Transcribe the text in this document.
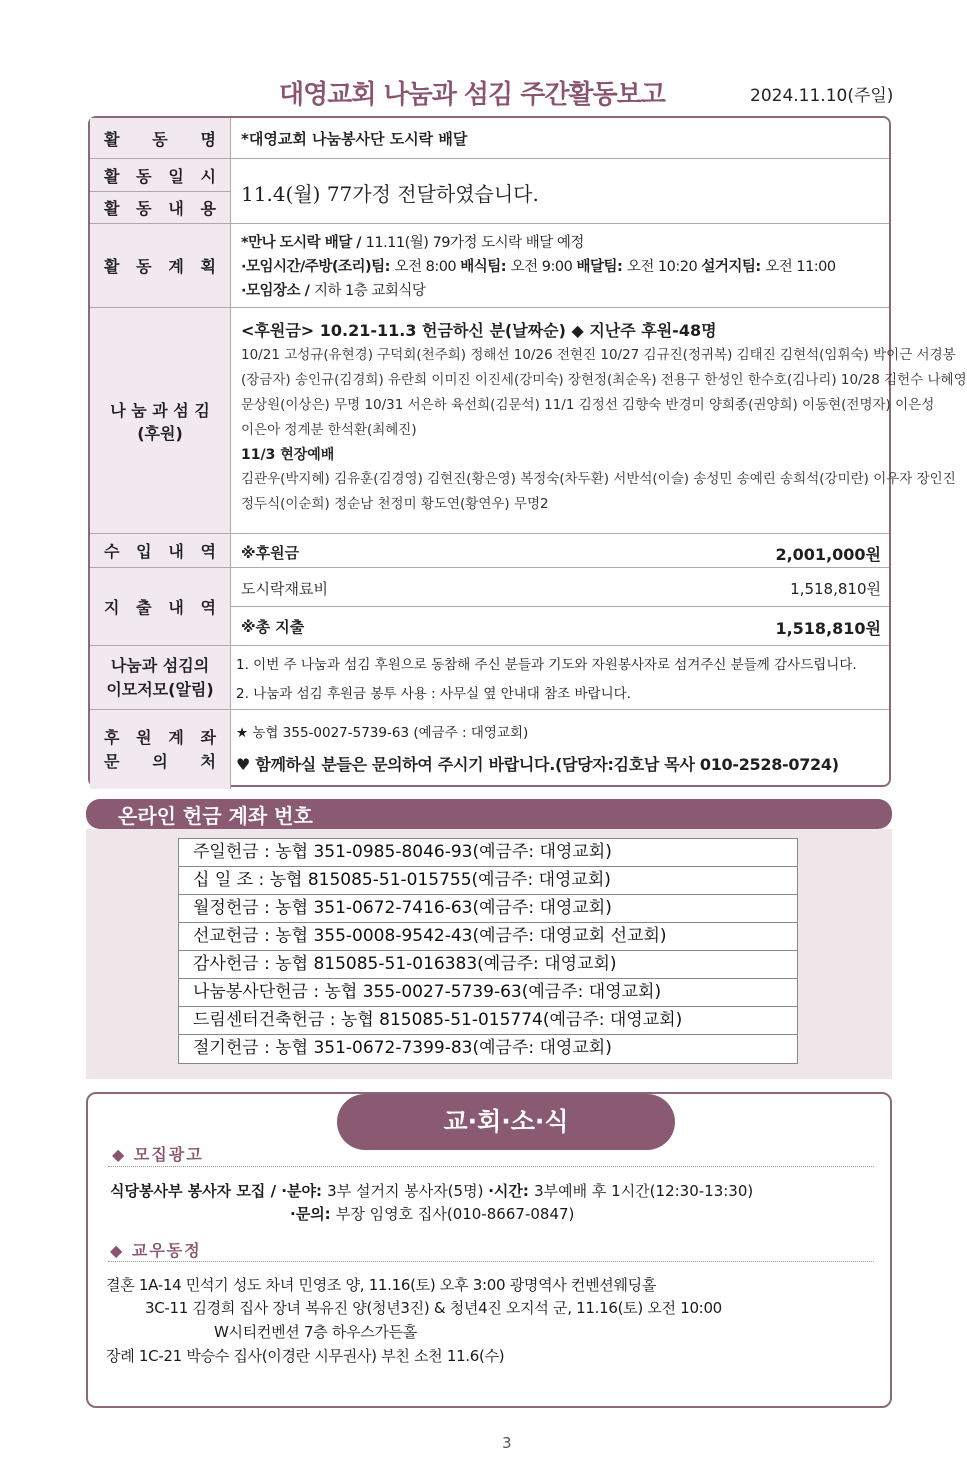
대영교회 나눔과 섬김 주간활동보고	2024.11.10(주일)
활 동 명 *대영교회 나눔봉사단 도시락 배달
활 동 일 시
활 동 내 용
11.4(월) 77가정 전달하였습니다.
활 동 계 획
*만나 도시락 배달 / 11.11(월) 79가정 도시락 배달 예정
·모임시간/주방(조리)팀: 오전 8:00 배식팀: 오전 9:00 배달팀: 오전 10:20 설거지팀: 오전 11:00
·모임장소 / 지하 1층 교회식당
나 눔 과 섬 김
(후원)
<후원금> 10.21-11.3 헌금하신 분(날짜순) ◆ 지난주 후원-48명
10/21 고성규(유현경) 구덕회(천주희) 정해선 10/26 전현진 10/27 김규진(정귀복) 김태진 김현석(임휘숙) 박이근 서경봉
(장금자) 송인규(김경희) 유란희 이미진 이진세(강미숙) 장현정(최순옥) 전용구 한성인 한수호(김나리) 10/28 김헌수 나혜영
문상원(이상은) 무명 10/31 서은하 육선희(김문석) 11/1 김정선 김향숙 반경미 양희종(권양희) 이동현(전명자) 이은성
이은아 정계분 한석환(최혜진)
11/3 현장예배
김관우(박지혜) 김유훈(김경영) 김현진(황은영) 복정숙(차두환) 서반석(이슬) 송성민 송예린 송희석(강미란) 이우자 장인진
정두식(이순희) 정순남 천정미 황도연(황연우) 무명2
수 입 내 역 ※후원금	2,001,000원
지 출 내 역
도시락재료비	1,518,810원
※총 지출	1,518,810원
나눔과 섬김의
이모저모(알림)
1. 이번 주 나눔과 섬김 후원으로 동참해 주신 분들과 기도와 자원봉사자로 섬겨주신 분들께 감사드립니다.
2. 나눔과 섬김 후원금 봉투 사용 : 사무실 옆 안내대 참조 바랍니다.
후 원 계 좌
문 의 처
★ 농협 355-0027-5739-63 (예금주 : 대영교회)
♥ 함께하실 분들은 문의하여 주시기 바랍니다.(담당자:김호남 목사 010-2528-0724)
온라인 헌금 계좌 번호
주일헌금 : 농협 351-0985-8046-93(예금주: 대영교회)
십 일 조 : 농협 815085-51-015755(예금주: 대영교회)
월정헌금 : 농협 351-0672-7416-63(예금주: 대영교회)
선교헌금 : 농협 355-0008-9542-43(예금주: 대영교회 선교회)
감사헌금 : 농협 815085-51-016383(예금주: 대영교회)
나눔봉사단헌금 : 농협 355-0027-5739-63(예금주: 대영교회)
드림센터건축헌금 : 농협 815085-51-015774(예금주: 대영교회)
절기헌금 : 농협 351-0672-7399-83(예금주: 대영교회)
교·회·소·식
◆ 모집광고
식당봉사부 봉사자 모집 / ·분야: 3부 설거지 봉사자(5명) ·시간: 3부예배 후 1시간(12:30-13:30)
·문의: 부장 임영호 집사(010-8667-0847)
◆ 교우동정
결혼 1A-14 민석기 성도 차녀 민영조 양, 11.16(토) 오후 3:00 광명역사 컨벤션웨딩홀
3C-11 김경희 집사 장녀 복유진 양(청년3진) & 청년4진 오지석 군, 11.16(토) 오전 10:00
W시티컨벤션 7층 하우스가든홀
장례 1C-21 박승수 집사(이경란 시무권사) 부친 소천 11.6(수)
3
